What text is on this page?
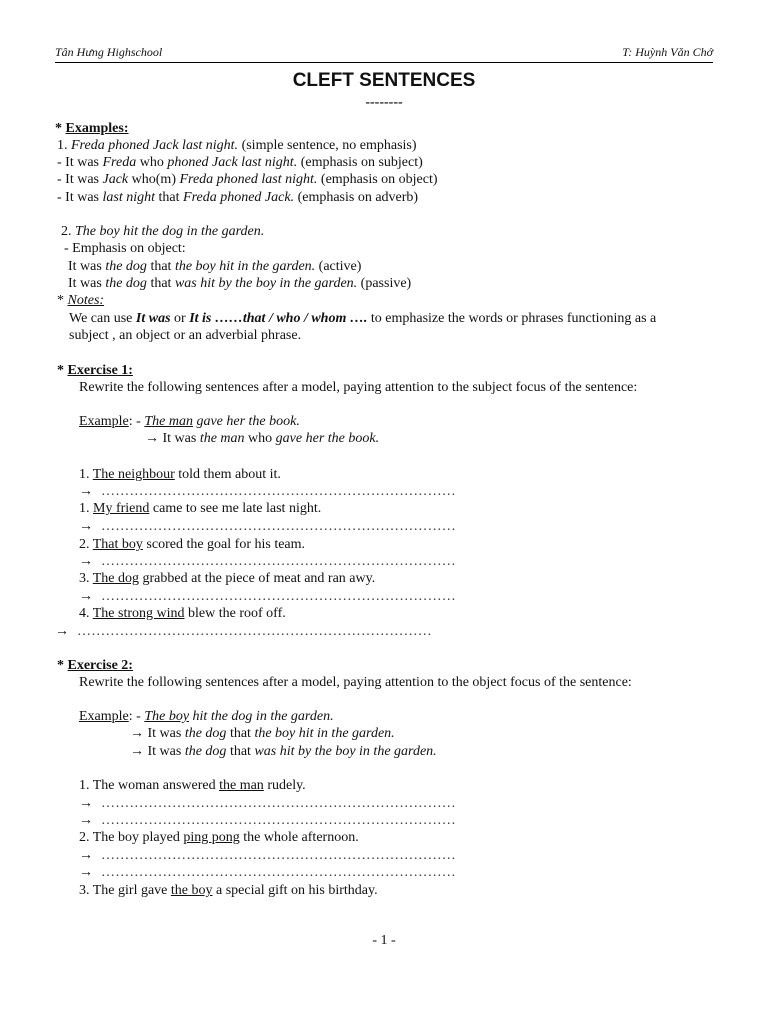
Tân Hưng Highschool	T: Huỳnh Văn Chớ
CLEFT SENTENCES
--------
* Examples:
1. Freda phoned Jack last night. (simple sentence, no emphasis)
- It was Freda who phoned Jack last night. (emphasis on subject)
- It was Jack who(m) Freda phoned last night. (emphasis on object)
- It was last night that Freda phoned Jack. (emphasis on adverb)
2. The boy hit the dog in the garden.
- Emphasis on object:
It was the dog that the boy hit in the garden. (active)
It was the dog that was hit by the boy in the garden. (passive)
* Notes:
We can use It was or It is ……that / who / whom …. to emphasize the words or phrases functioning as a
subject , an object or an adverbial phrase.
* Exercise 1:
Rewrite the following sentences after a model, paying attention to the subject focus of the sentence:
Example: - The man gave her the book.
→ It was the man who gave her the book.
1. The neighbour told them about it.
→ …………………………………………………………………
1. My friend came to see me late last night.
→ …………………………………………………………………
2. That boy scored the goal for his team.
→ …………………………………………………………………
3. The dog grabbed at the piece of meat and ran awy.
→ …………………………………………………………………
4. The strong wind blew the roof off.
→ …………………………………………………………………
* Exercise 2:
Rewrite the following sentences after a model, paying attention to the object focus of the sentence:
Example: - The boy hit the dog in the garden.
→ It was the dog that the boy hit in the garden.
→ It was the dog that was hit by the boy in the garden.
1. The woman answered the man rudely.
→ …………………………………………………………………
→ …………………………………………………………………
2. The boy played ping pong the whole afternoon.
→ …………………………………………………………………
→ …………………………………………………………………
3. The girl gave the boy a special gift on his birthday.
- 1 -
